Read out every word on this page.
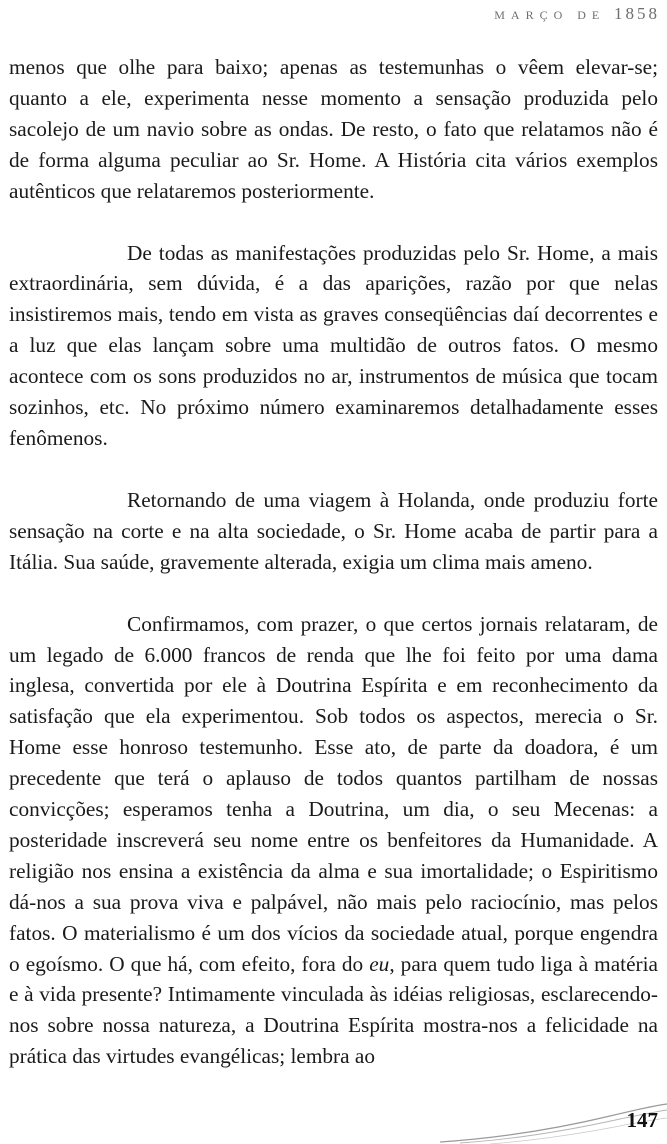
MARÇO DE 1858

menos que olhe para baixo; apenas as testemunhas o vêem elevar-se; quanto a ele, experimenta nesse momento a sensação produzida pelo sacolejo de um navio sobre as ondas. De resto, o fato que relatamos não é de forma alguma peculiar ao Sr. Home. A História cita vários exemplos autênticos que relataremos posteriormente.

De todas as manifestações produzidas pelo Sr. Home, a mais extraordinária, sem dúvida, é a das aparições, razão por que nelas insistiremos mais, tendo em vista as graves conseqüências daí decorrentes e a luz que elas lançam sobre uma multidão de outros fatos. O mesmo acontece com os sons produzidos no ar, instrumentos de música que tocam sozinhos, etc. No próximo número examinaremos detalhadamente esses fenômenos.

Retornando de uma viagem à Holanda, onde produziu forte sensação na corte e na alta sociedade, o Sr. Home acaba de partir para a Itália. Sua saúde, gravemente alterada, exigia um clima mais ameno.

Confirmamos, com prazer, o que certos jornais relataram, de um legado de 6.000 francos de renda que lhe foi feito por uma dama inglesa, convertida por ele à Doutrina Espírita e em reconhecimento da satisfação que ela experimentou. Sob todos os aspectos, merecia o Sr. Home esse honroso testemunho. Esse ato, de parte da doadora, é um precedente que terá o aplauso de todos quantos partilham de nossas convicções; esperamos tenha a Doutrina, um dia, o seu Mecenas: a posteridade inscreverá seu nome entre os benfeitores da Humanidade. A religião nos ensina a existência da alma e sua imortalidade; o Espiritismo dá-nos a sua prova viva e palpável, não mais pelo raciocínio, mas pelos fatos. O materialismo é um dos vícios da sociedade atual, porque engendra o egoísmo. O que há, com efeito, fora do eu, para quem tudo liga à matéria e à vida presente? Intimamente vinculada às idéias religiosas, esclarecendo-nos sobre nossa natureza, a Doutrina Espírita mostra-nos a felicidade na prática das virtudes evangélicas; lembra ao

147
